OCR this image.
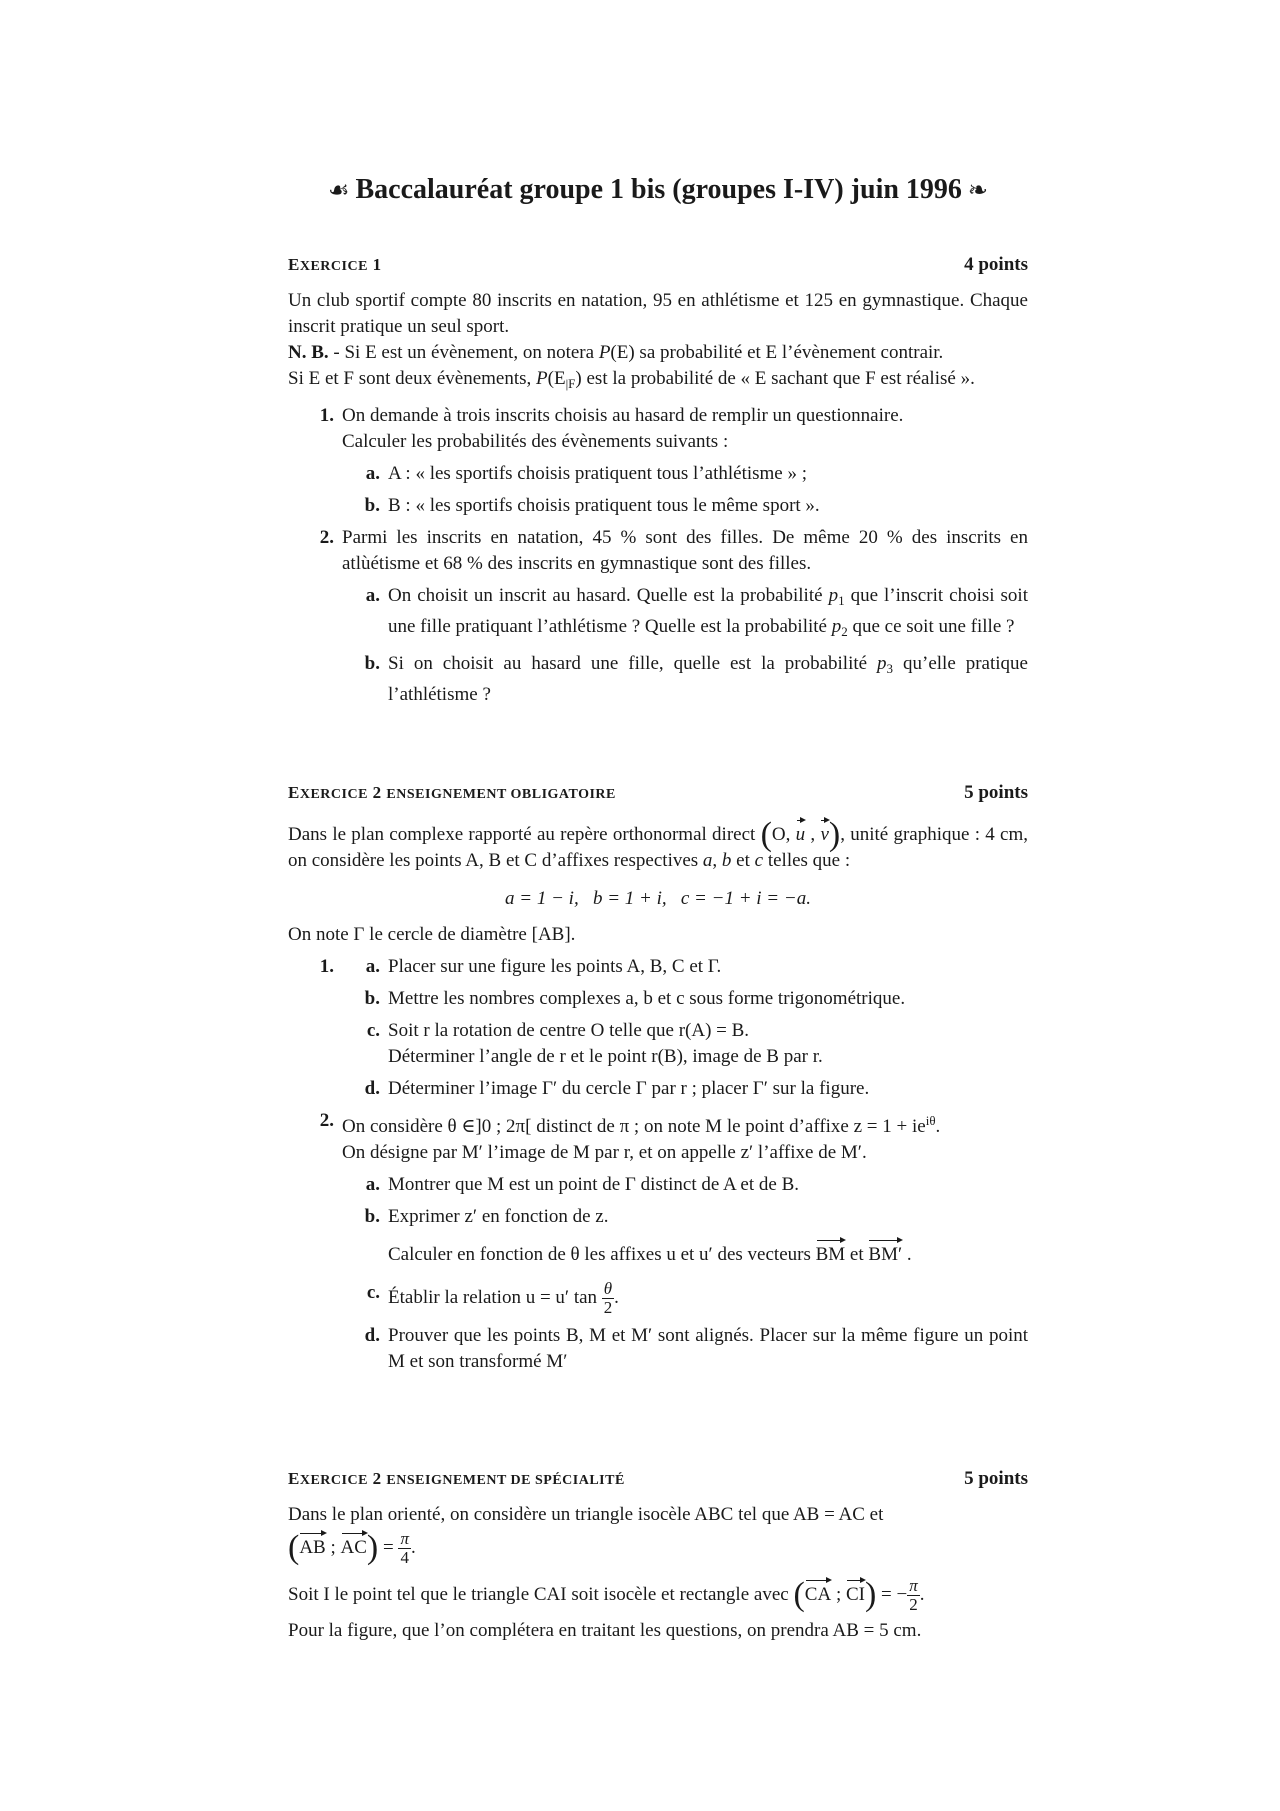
☙ Baccalauréat groupe 1 bis (groupes I-IV) juin 1996 ❧
EXERCICE 1	4 points

Un club sportif compte 80 inscrits en natation, 95 en athlétisme et 125 en gymnastique. Chaque inscrit pratique un seul sport.

N. B. - Si E est un évènement, on notera P(E) sa probabilité et E l’évènement contrair.

Si E et F sont deux évènements, $P(E_{|F})$ est la probabilité de « E sachant que F est réalisé ».

1. On demande à trois inscrits choisis au hasard de remplir un questionnaire.
Calculer les probabilités des évènements suivants :
a. A : « les sportifs choisis pratiquent tous l’athlétisme » ;
b. B : « les sportifs choisis pratiquent tous le même sport ».
2. Parmi les inscrits en natation, 45 % sont des filles. De même 20 % des inscrits en atlùétisme et 68 % des inscrits en gymnastique sont des filles.
a. On choisit un inscrit au hasard. Quelle est la probabilité $p_1$ que l’inscrit choisi soit une fille pratiquant l’athlétisme ? Quelle est la probabilité $p_2$ que ce soit une fille ?
b. Si on choisit au hasard une fille, quelle est la probabilité $p_3$ qu’elle pratique l’athlétisme ?
EXERCICE 2 ENSEIGNEMENT OBLIGATOIRE	5 points

Dans le plan complexe rapporté au repère orthonormal direct (O, u , v), unité graphique : 4 cm, on considère les points A, B et C d’affixes respectives a, b et c telles que :

a = 1 − i,   b = 1 + i,   c = −1 + i = −a.

On note Γ le cercle de diamètre [AB].

1.	a. Placer sur une figure les points A, B, C et Γ.
b. Mettre les nombres complexes a, b et c sous forme trigonométrique.
c. Soit r la rotation de centre O telle que r(A) = B.
Déterminer l’angle de r et le point r(B), image de B par r.
d. Déterminer l’image Γ′ du cercle Γ par r ; placer Γ′ sur la figure.
2. On considère θ ∈]0 ; 2π[ distinct de π ; on note M le point d’affixe $z = 1 + ie^{i\theta}$.
On désigne par M′ l’image de M par r, et on appelle z′ l’affixe de M′.
a. Montrer que M est un point de Γ distinct de A et de B.
b. Exprimer z′ en fonction de z.
Calculer en fonction de θ les affixes u et u′ des vecteurs BM et BM′ .
c. Établir la relation u = u′ $\tan \frac{\theta}{2}$ .
d. Prouver que les points B, M et M′ sont alignés. Placer sur la même figure un point M et son transformé M′
EXERCICE 2 ENSEIGNEMENT DE SPÉCIALITÉ	5 points

Dans le plan orienté, on considère un triangle isocèle ABC tel que AB = AC et

(AB ; $AC) = \frac{\pi}{4}$ .

Soit I le point tel que le triangle CAI soit isocèle et rectangle avec (CA ; CI) = − $\frac{\pi}{2}$ .

Pour la figure, que l’on complétera en traitant les questions, on prendra AB = 5 cm.
